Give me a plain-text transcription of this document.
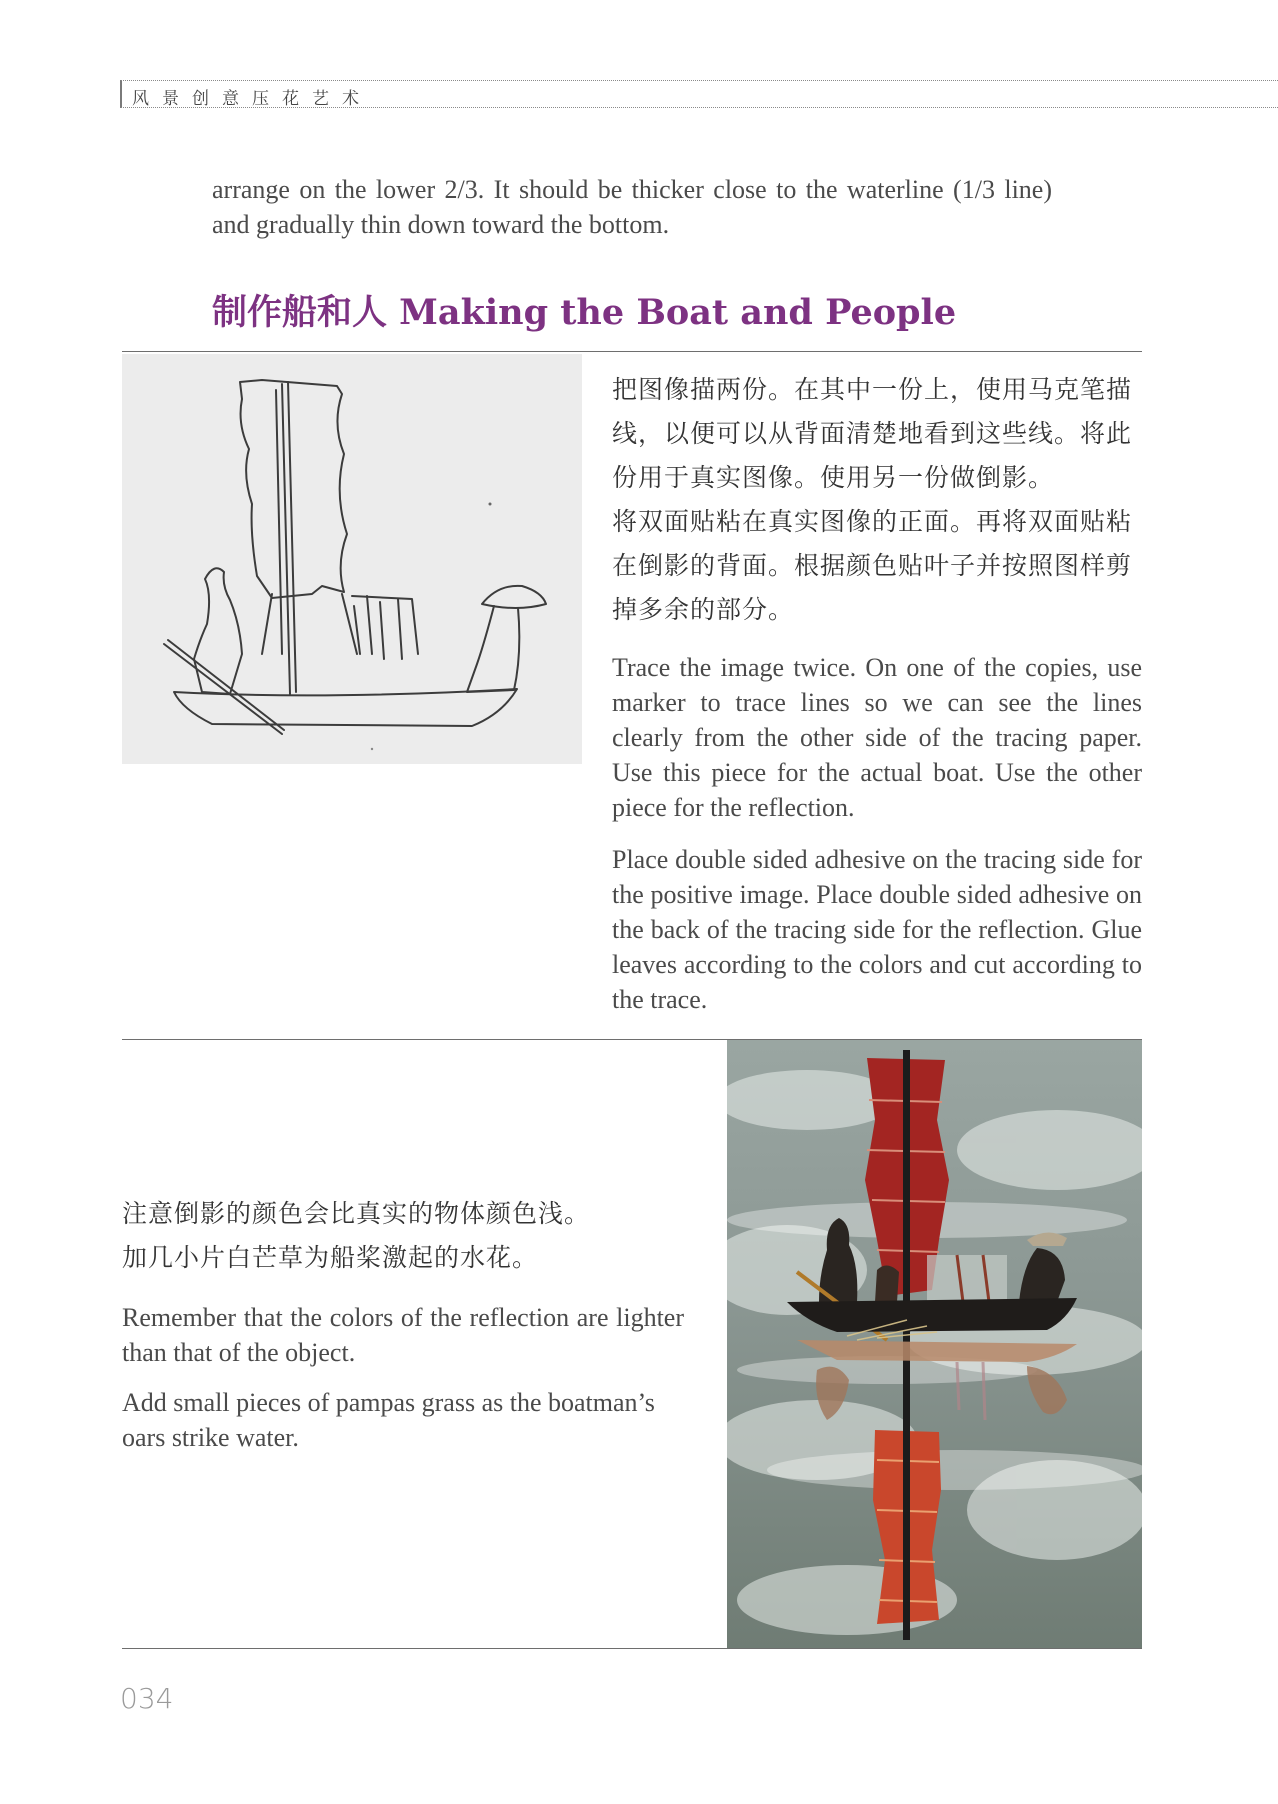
风景创意压花艺术
arrange on the lower 2/3. It should be thicker close to the waterline (1/3 line) and gradually thin down toward the bottom.
制作船和人 Making the Boat and People
把图像描两份。在其中一份上，使用马克笔描线，以便可以从背面清楚地看到这些线。将此份用于真实图像。使用另一份做倒影。
将双面贴粘在真实图像的正面。再将双面贴粘在倒影的背面。根据颜色贴叶子并按照图样剪掉多余的部分。
Trace the image twice. On one of the copies, use marker to trace lines so we can see the lines clearly from the other side of the tracing paper. Use this piece for the actual boat. Use the other piece for the reflection.
Place double sided adhesive on the tracing side for the positive image. Place double sided adhesive on the back of the tracing side for the reflection. Glue leaves according to the colors and cut according to the trace.
注意倒影的颜色会比真实的物体颜色浅。
加几小片白芒草为船桨激起的水花。
Remember that the colors of the reflection are lighter than that of the object.
Add small pieces of pampas grass as the boatman’s oars strike water.
034
